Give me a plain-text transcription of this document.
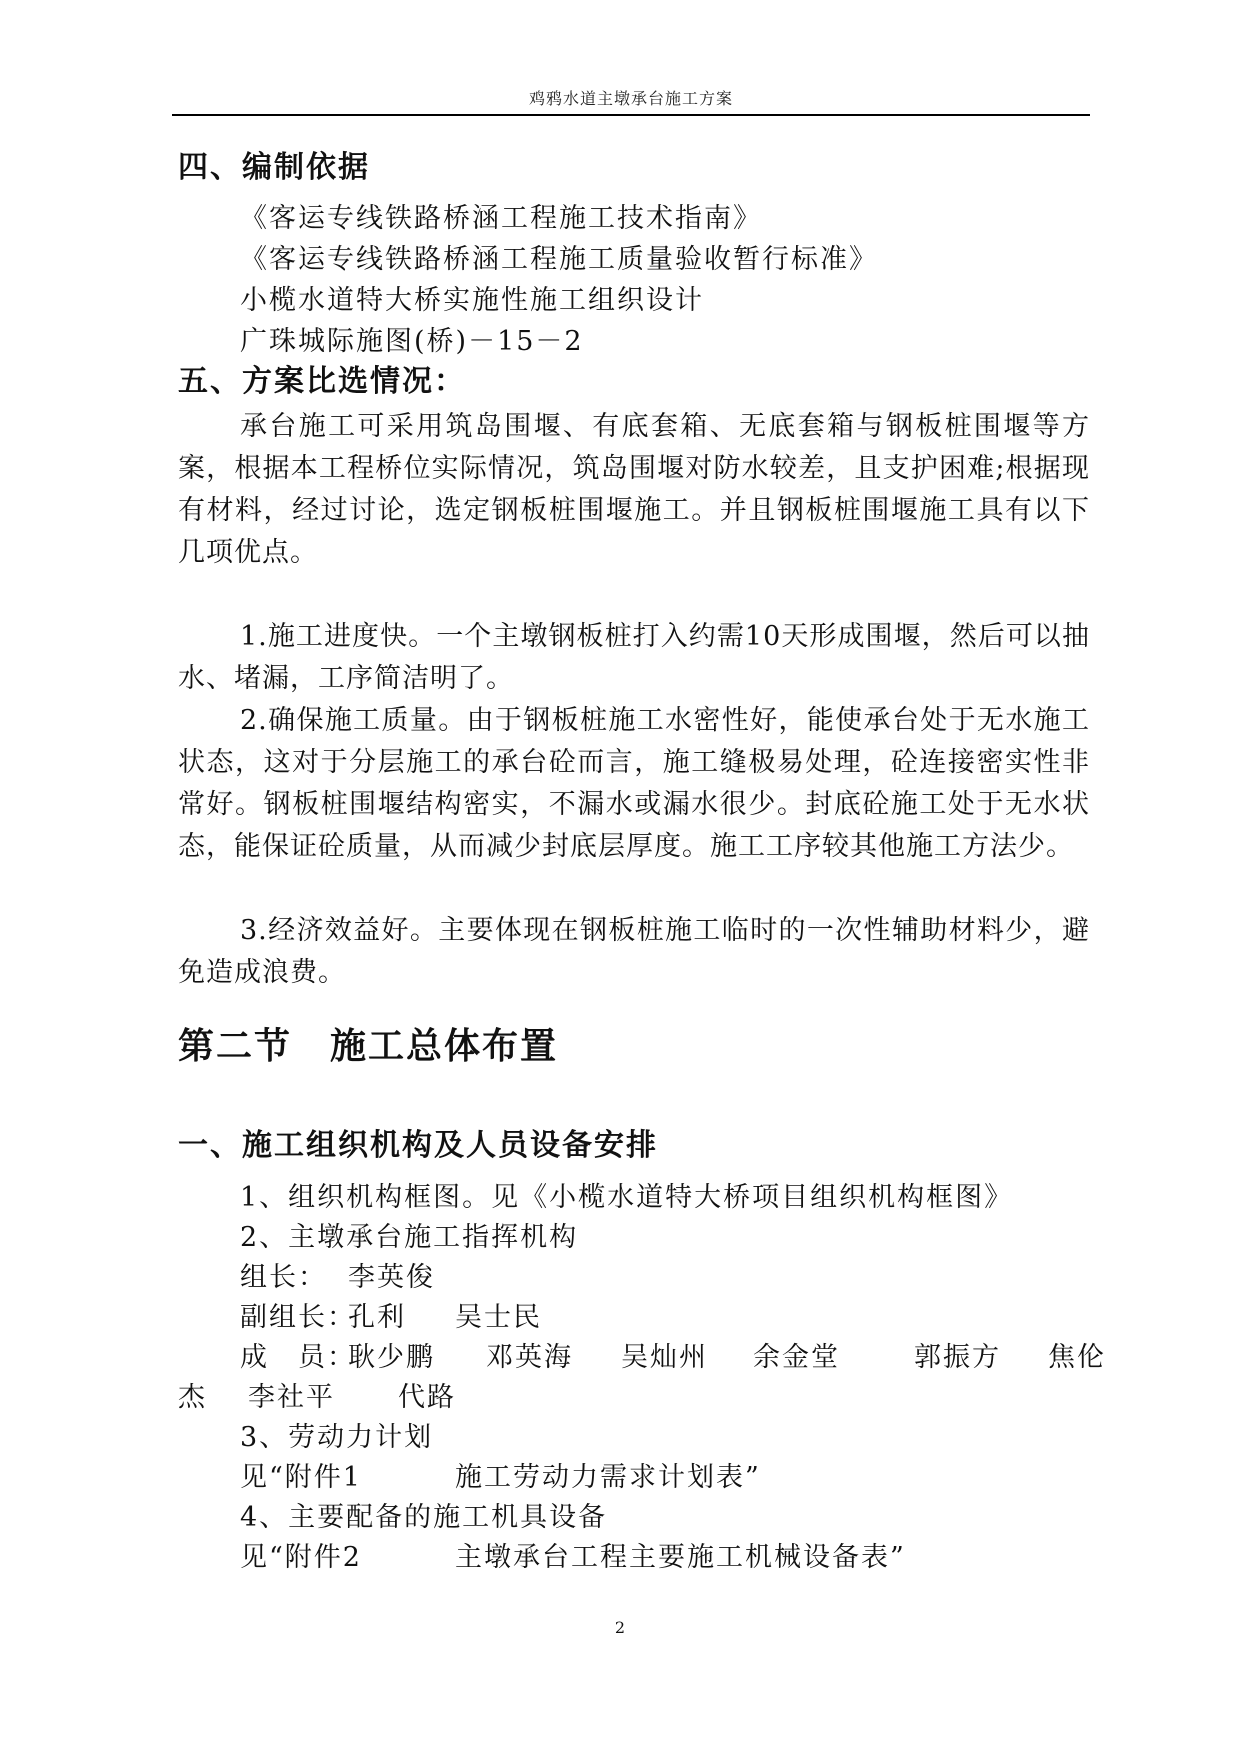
鸡鸦水道主墩承台施工方案
四、编制依据
《客运专线铁路桥涵工程施工技术指南》
《客运专线铁路桥涵工程施工质量验收暂行标准》
小榄水道特大桥实施性施工组织设计
广珠城际施图(桥)－15－2
五、方案比选情况：
承台施工可采用筑岛围堰、有底套箱、无底套箱与钢板桩围堰等方案，根据本工程桥位实际情况，筑岛围堰对防水较差，且支护困难;根据现有材料，经过讨论，选定钢板桩围堰施工。并且钢板桩围堰施工具有以下几项优点。
1.施工进度快。一个主墩钢板桩打入约需10天形成围堰，然后可以抽水、堵漏，工序简洁明了。
2.确保施工质量。由于钢板桩施工水密性好，能使承台处于无水施工状态，这对于分层施工的承台砼而言，施工缝极易处理，砼连接密实性非常好。钢板桩围堰结构密实，不漏水或漏水很少。封底砼施工处于无水状态，能保证砼质量，从而减少封底层厚度。施工工序较其他施工方法少。
3.经济效益好。主要体现在钢板桩施工临时的一次性辅助材料少，避免造成浪费。
第二节　施工总体布置
一、施工组织机构及人员设备安排
1、组织机构框图。见《小榄水道特大桥项目组织机构框图》
2、主墩承台施工指挥机构
组长： 李英俊
副组长：
孔利 吴士民
成　员：
耿少鹏 邓英海 吴灿州 余金堂	郭振方 焦伦
杰 李社平 代路
3、劳动力计划
见“附件1	施工劳动力需求计划表”
4、主要配备的施工机具设备
见“附件2	主墩承台工程主要施工机械设备表”
2
